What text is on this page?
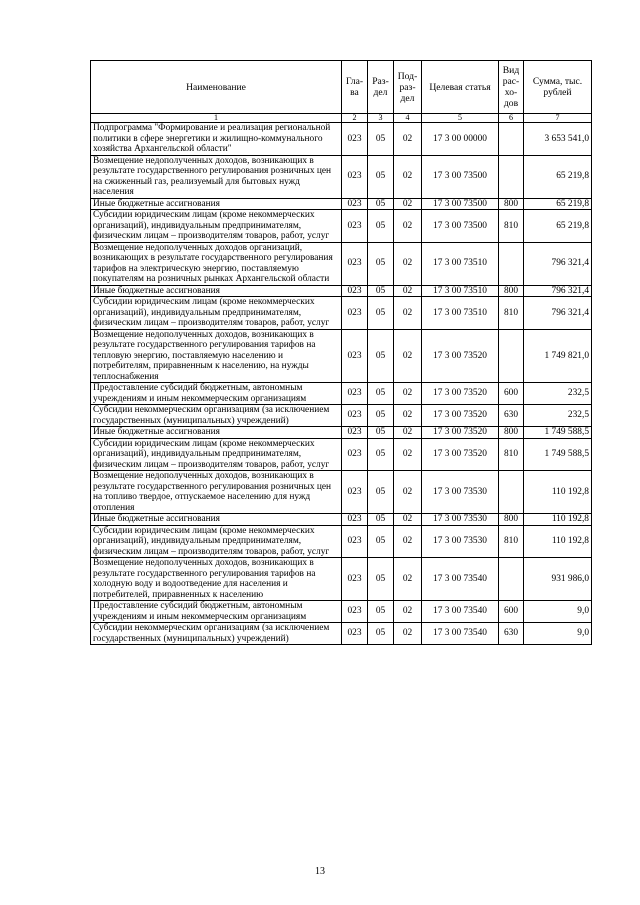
Наименование	Гла-ва	Раз-дел	Под-раз-дел	Целевая статья	Вид рас-хо-дов	Сумма, тыс. рублей
1	2	3	4	5	6	7
Подпрограмма "Формирование и реализация региональной политики в сфере энергетики и жилищно-коммунального хозяйства Архангельской области"	023	05	02	17 3 00 00000		3 653 541,0
Возмещение недополученных доходов, возникающих в результате государственного регулирования розничных цен на сжиженный газ, реализуемый для бытовых нужд населения	023	05	02	17 3 00 73500		65 219,8
Иные бюджетные ассигнования	023	05	02	17 3 00 73500	800	65 219,8
Субсидии юридическим лицам (кроме некоммерческих организаций), индивидуальным предпринимателям, физическим лицам – производителям товаров, работ, услуг	023	05	02	17 3 00 73500	810	65 219,8
Возмещение недополученных доходов организаций, возникающих в результате государственного регулирования тарифов на электрическую энергию, поставляемую покупателям на розничных рынках Архангельской области	023	05	02	17 3 00 73510		796 321,4
Иные бюджетные ассигнования	023	05	02	17 3 00 73510	800	796 321,4
Субсидии юридическим лицам (кроме некоммерческих организаций), индивидуальным предпринимателям, физическим лицам – производителям товаров, работ, услуг	023	05	02	17 3 00 73510	810	796 321,4
Возмещение недополученных доходов, возникающих в результате государственного регулирования тарифов на тепловую энергию, поставляемую населению и потребителям, приравненным к населению, на нужды теплоснабжения	023	05	02	17 3 00 73520		1 749 821,0
Предоставление субсидий бюджетным, автономным учреждениям и иным некоммерческим организациям	023	05	02	17 3 00 73520	600	232,5
Субсидии некоммерческим организациям (за исключением государственных (муниципальных) учреждений)	023	05	02	17 3 00 73520	630	232,5
Иные бюджетные ассигнования	023	05	02	17 3 00 73520	800	1 749 588,5
Субсидии юридическим лицам (кроме некоммерческих организаций), индивидуальным предпринимателям, физическим лицам – производителям товаров, работ, услуг	023	05	02	17 3 00 73520	810	1 749 588,5
Возмещение недополученных доходов, возникающих в результате государственного регулирования розничных цен на топливо твердое, отпускаемое населению для нужд отопления	023	05	02	17 3 00 73530		110 192,8
Иные бюджетные ассигнования	023	05	02	17 3 00 73530	800	110 192,8
Субсидии юридическим лицам (кроме некоммерческих организаций), индивидуальным предпринимателям, физическим лицам – производителям товаров, работ, услуг	023	05	02	17 3 00 73530	810	110 192,8
Возмещение недополученных доходов, возникающих в результате государственного регулирования тарифов на холодную воду и водоотведение для населения и потребителей, приравненных к населению	023	05	02	17 3 00 73540		931 986,0
Предоставление субсидий бюджетным, автономным учреждениям и иным некоммерческим организациям	023	05	02	17 3 00 73540	600	9,0
Субсидии некоммерческим организациям (за исключением государственных (муниципальных) учреждений)	023	05	02	17 3 00 73540	630	9,0
13
